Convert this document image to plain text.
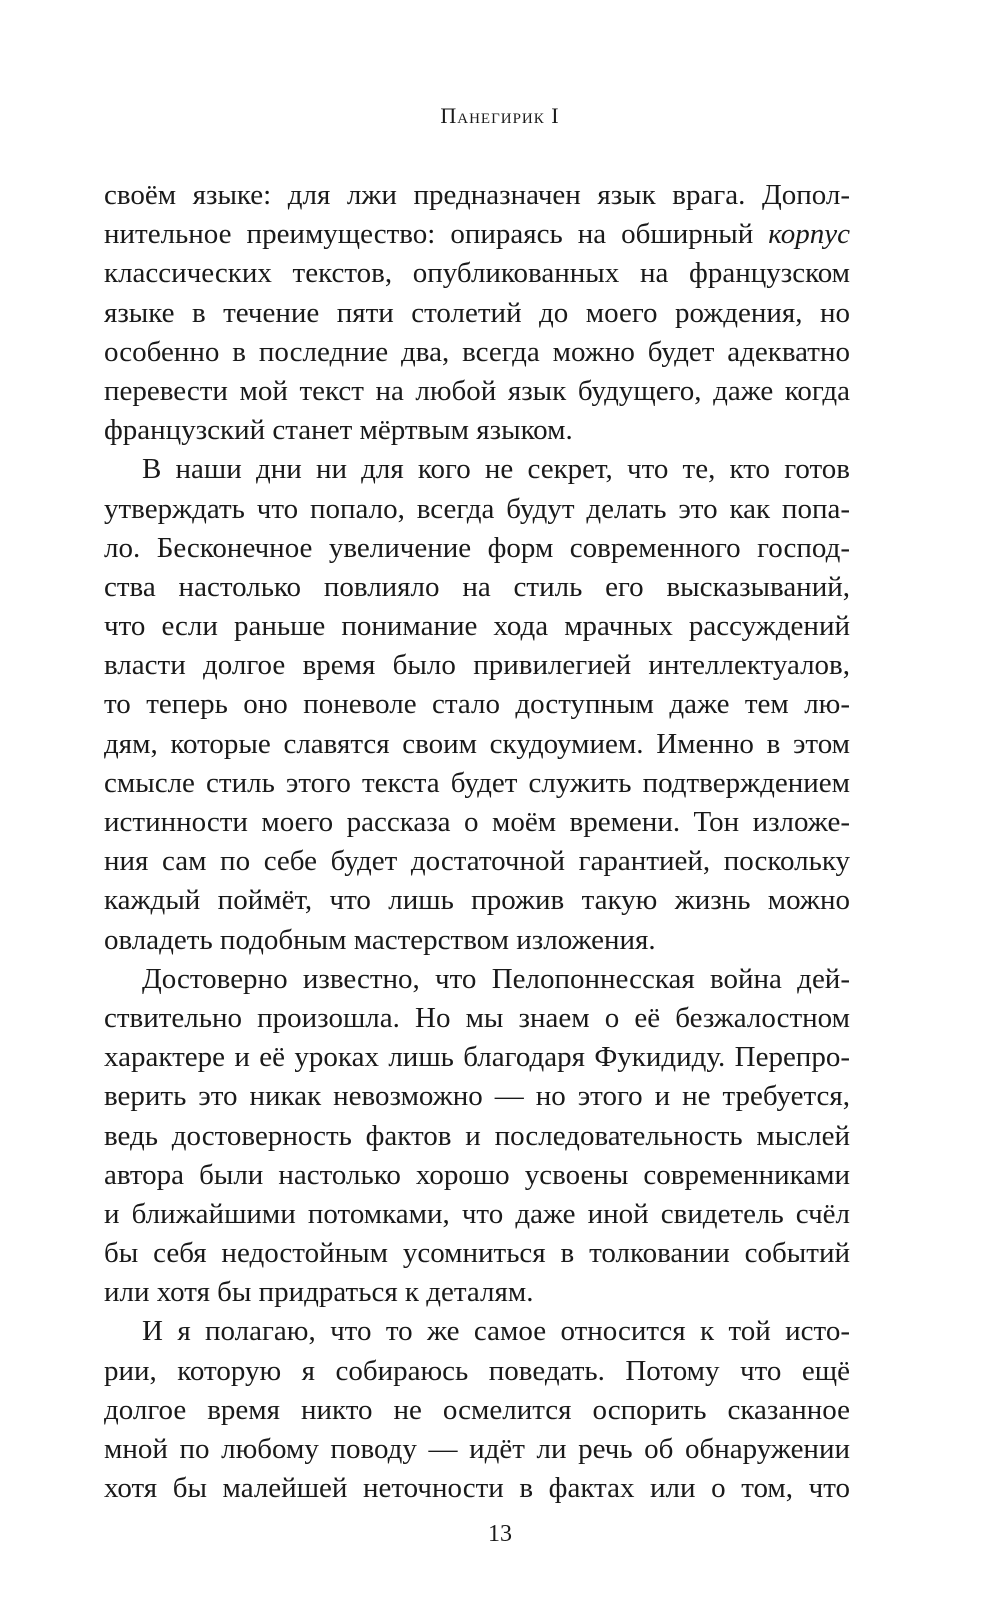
Панегирик I
своём языке: для лжи предназначен язык врага. Допол-
нительное преимущество: опираясь на обширный корпус
классических текстов, опубликованных на французском
языке в течение пяти столетий до моего рождения, но
особенно в последние два, всегда можно будет адекватно
перевести мой текст на любой язык будущего, даже когда
французский станет мёртвым языком.
В наши дни ни для кого не секрет, что те, кто готов
утверждать что попало, всегда будут делать это как попа-
ло. Бесконечное увеличение форм современного господ-
ства настолько повлияло на стиль его высказываний,
что если раньше понимание хода мрачных рассуждений
власти долгое время было привилегией интеллектуалов,
то теперь оно поневоле стало доступным даже тем лю-
дям, которые славятся своим скудоумием. Именно в этом
смысле стиль этого текста будет служить подтверждением
истинности моего рассказа о моём времени. Тон изложе-
ния сам по себе будет достаточной гарантией, поскольку
каждый поймёт, что лишь прожив такую жизнь можно
овладеть подобным мастерством изложения.
Достоверно известно, что Пелопоннесская война дей-
ствительно произошла. Но мы знаем о её безжалостном
характере и её уроках лишь благодаря Фукидиду. Перепро-
верить это никак невозможно — но этого и не требуется,
ведь достоверность фактов и последовательность мыслей
автора были настолько хорошо усвоены современниками
и ближайшими потомками, что даже иной свидетель счёл
бы себя недостойным усомниться в толковании событий
или хотя бы придраться к деталям.
И я полагаю, что то же самое относится к той исто-
рии, которую я собираюсь поведать. Потому что ещё
долгое время никто не осмелится оспорить сказанное
мной по любому поводу — идёт ли речь об обнаружении
хотя бы малейшей неточности в фактах или о том, что
13
